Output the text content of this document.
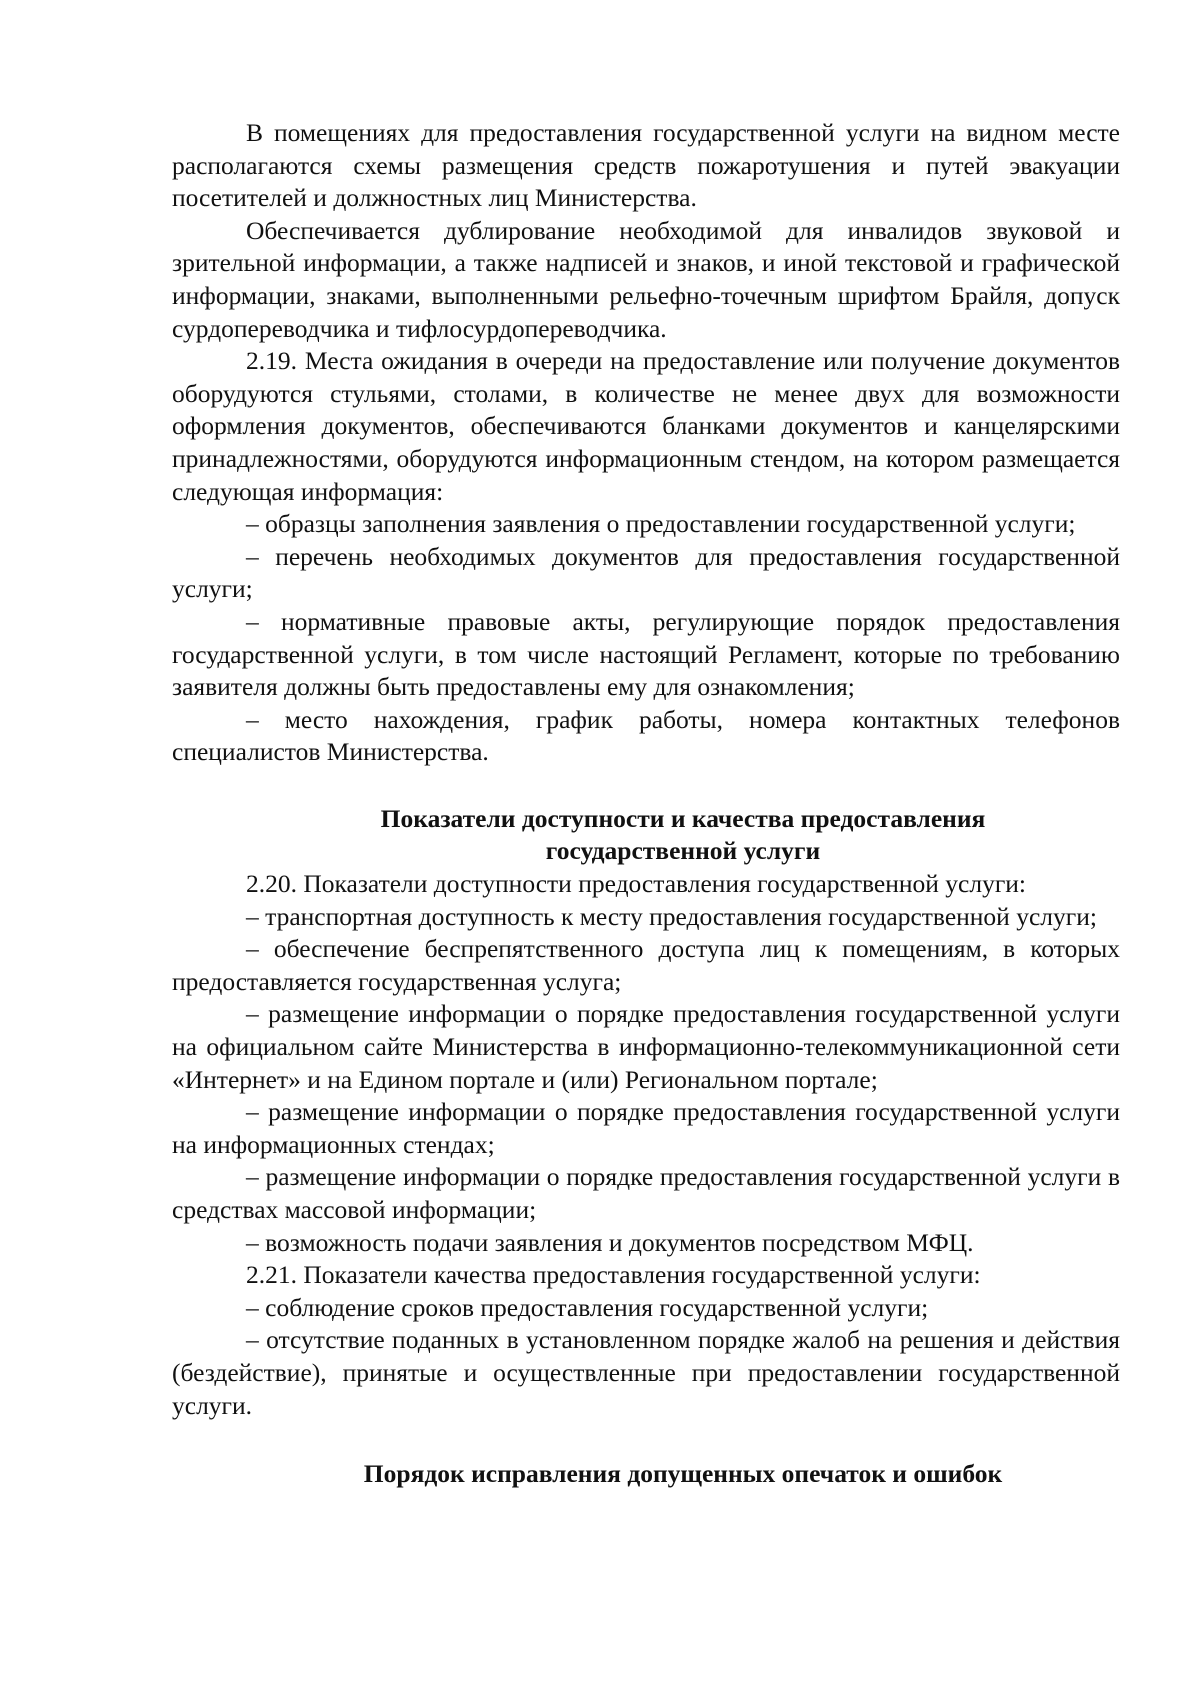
В помещениях для предоставления государственной услуги на видном месте располагаются схемы размещения средств пожаротушения и путей эвакуации посетителей и должностных лиц Министерства.

Обеспечивается дублирование необходимой для инвалидов звуковой и зрительной информации, а также надписей и знаков, и иной текстовой и графической информации, знаками, выполненными рельефно-точечным шрифтом Брайля, допуск сурдопереводчика и тифлосурдопереводчика.

2.19. Места ожидания в очереди на предоставление или получение документов оборудуются стульями, столами, в количестве не менее двух для возможности оформления документов, обеспечиваются бланками документов и канцелярскими принадлежностями, оборудуются информационным стендом, на котором размещается следующая информация:

– образцы заполнения заявления о предоставлении государственной услуги;

– перечень необходимых документов для предоставления государственной услуги;

– нормативные правовые акты, регулирующие порядок предоставления государственной услуги, в том числе настоящий Регламент, которые по требованию заявителя должны быть предоставлены ему для ознакомления;

– место нахождения, график работы, номера контактных телефонов специалистов Министерства.

Показатели доступности и качества предоставления

государственной услуги

2.20. Показатели доступности предоставления государственной услуги:

– транспортная доступность к месту предоставления государственной услуги;

– обеспечение беспрепятственного доступа лиц к помещениям, в которых предоставляется государственная услуга;

– размещение информации о порядке предоставления государственной услуги на официальном сайте Министерства в информационно-телекоммуникационной сети «Интернет» и на Едином портале и (или) Региональном портале;

– размещение информации о порядке предоставления государственной услуги на информационных стендах;

– размещение информации о порядке предоставления государственной услуги в средствах массовой информации;

– возможность подачи заявления и документов посредством МФЦ.

2.21. Показатели качества предоставления государственной услуги:

– соблюдение сроков предоставления государственной услуги;

– отсутствие поданных в установленном порядке жалоб на решения и действия (бездействие), принятые и осуществленные при предоставлении государственной услуги.

Порядок исправления допущенных опечаток и ошибок
